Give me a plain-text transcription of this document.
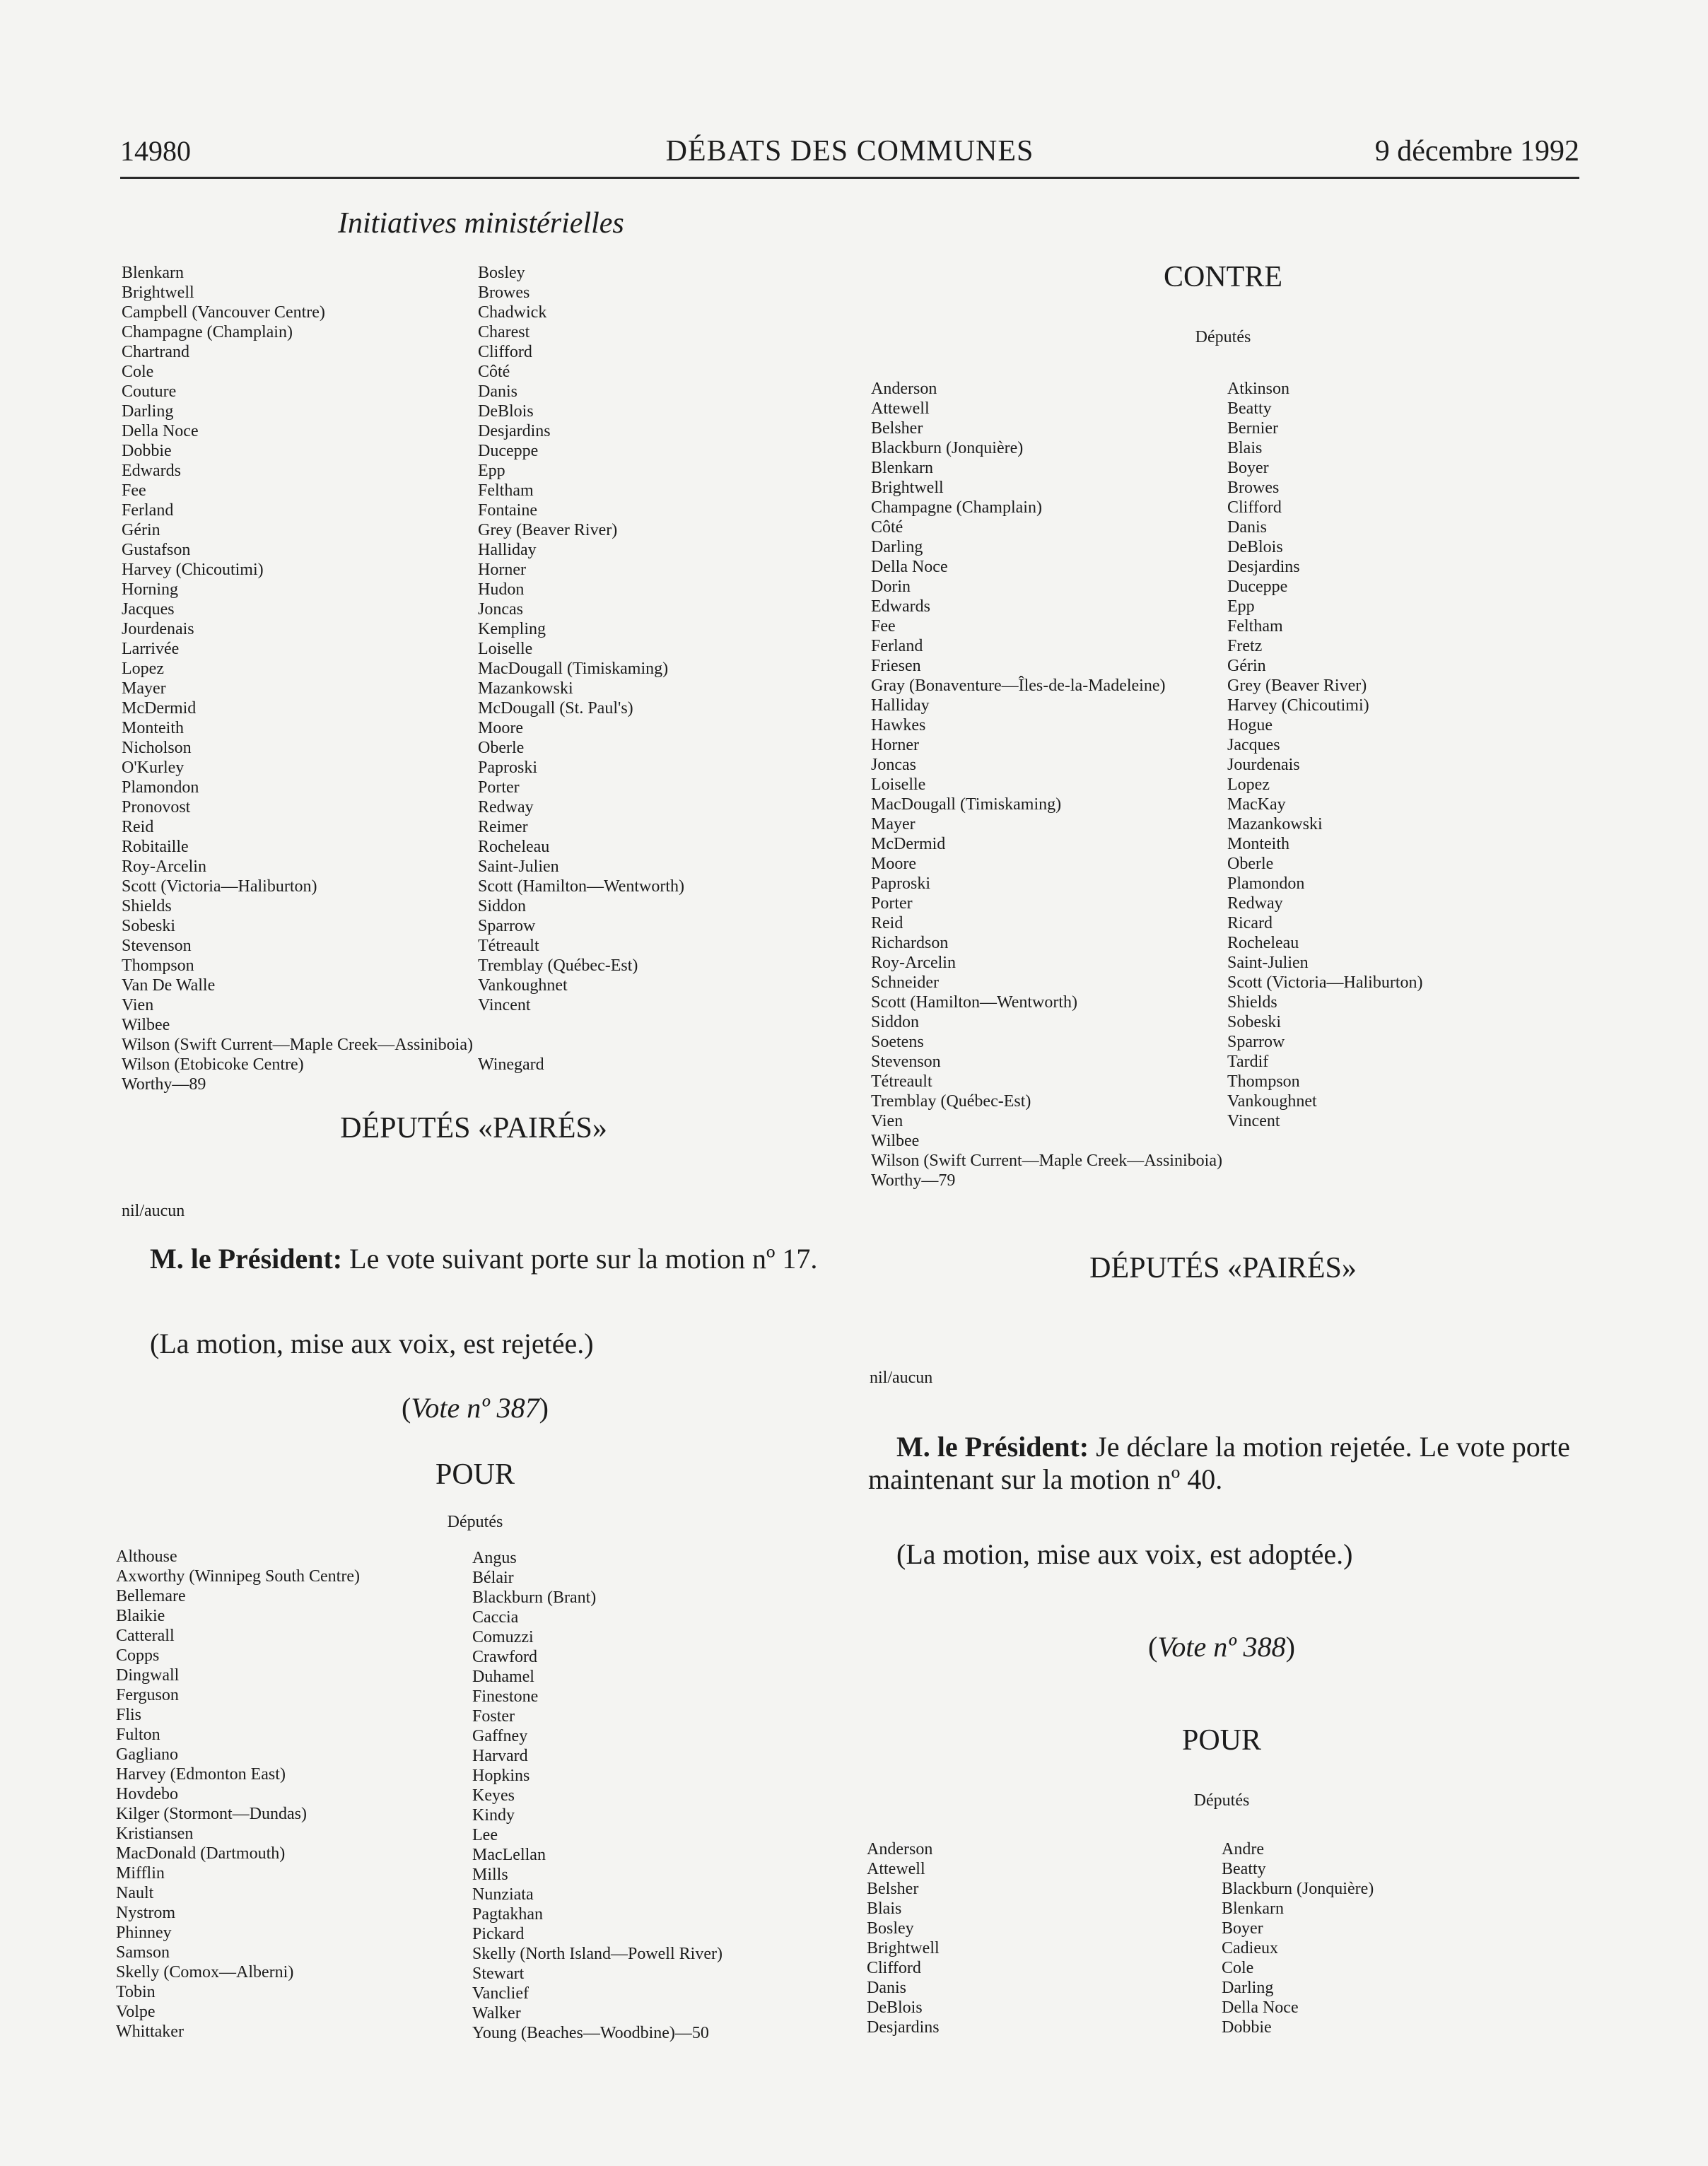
14980	DÉBATS DES COMMUNES	9 décembre 1992
Initiatives ministérielles
Blenkarn
Brightwell
Campbell (Vancouver Centre)
Champagne (Champlain)
Chartrand
Cole
Couture
Darling
Della Noce
Dobbie
Edwards
Fee
Ferland
Gérin
Gustafson
Harvey (Chicoutimi)
Horning
Jacques
Jourdenais
Larrivée
Lopez
Mayer
McDermid
Monteith
Nicholson
O'Kurley
Plamondon
Pronovost
Reid
Robitaille
Roy-Arcelin
Scott (Victoria—Haliburton)
Shields
Sobeski
Stevenson
Thompson
Van De Walle
Vien
Wilbee
Wilson (Swift Current—Maple Creek—Assiniboia)
Wilson (Etobicoke Centre)
Worthy—89
Bosley
Browes
Chadwick
Charest
Clifford
Côté
Danis
DeBlois
Desjardins
Duceppe
Epp
Feltham
Fontaine
Grey (Beaver River)
Halliday
Horner
Hudon
Joncas
Kempling
Loiselle
MacDougall (Timiskaming)
Mazankowski
McDougall (St. Paul's)
Moore
Oberle
Paproski
Porter
Redway
Reimer
Rocheleau
Saint-Julien
Scott (Hamilton—Wentworth)
Siddon
Sparrow
Tétreault
Tremblay (Québec-Est)
Vankoughnet
Vincent

Winegard
DÉPUTÉS «PAIRÉS»
nil/aucun
M. le Président: Le vote suivant porte sur la motion nº 17.
(La motion, mise aux voix, est rejetée.)
(Vote nº 387)
POUR
Députés
Althouse
Axworthy (Winnipeg South Centre)
Bellemare
Blaikie
Catterall
Copps
Dingwall
Ferguson
Flis
Fulton
Gagliano
Harvey (Edmonton East)
Hovdebo
Kilger (Stormont—Dundas)
Kristiansen
MacDonald (Dartmouth)
Mifflin
Nault
Nystrom
Phinney
Samson
Skelly (Comox—Alberni)
Tobin
Volpe
Whittaker
Angus
Bélair
Blackburn (Brant)
Caccia
Comuzzi
Crawford
Duhamel
Finestone
Foster
Gaffney
Harvard
Hopkins
Keyes
Kindy
Lee
MacLellan
Mills
Nunziata
Pagtakhan
Pickard
Skelly (North Island—Powell River)
Stewart
Vanclief
Walker
Young (Beaches—Woodbine)—50
CONTRE
Députés
Anderson
Attewell
Belsher
Blackburn (Jonquière)
Blenkarn
Brightwell
Champagne (Champlain)
Côté
Darling
Della Noce
Dorin
Edwards
Fee
Ferland
Friesen
Gray (Bonaventure—Îles-de-la-Madeleine)
Halliday
Hawkes
Horner
Joncas
Loiselle
MacDougall (Timiskaming)
Mayer
McDermid
Moore
Paproski
Porter
Reid
Richardson
Roy-Arcelin
Schneider
Scott (Hamilton—Wentworth)
Siddon
Soetens
Stevenson
Tétreault
Tremblay (Québec-Est)
Vien
Wilbee
Wilson (Swift Current—Maple Creek—Assiniboia)
Worthy—79
Atkinson
Beatty
Bernier
Blais
Boyer
Browes
Clifford
Danis
DeBlois
Desjardins
Duceppe
Epp
Feltham
Fretz
Gérin
Grey (Beaver River)
Harvey (Chicoutimi)
Hogue
Jacques
Jourdenais
Lopez
MacKay
Mazankowski
Monteith
Oberle
Plamondon
Redway
Ricard
Rocheleau
Saint-Julien
Scott (Victoria—Haliburton)
Shields
Sobeski
Sparrow
Tardif
Thompson
Vankoughnet
Vincent
DÉPUTÉS «PAIRÉS»
nil/aucun
M. le Président: Je déclare la motion rejetée. Le vote porte maintenant sur la motion nº 40.
(La motion, mise aux voix, est adoptée.)
(Vote nº 388)
POUR
Députés
Anderson
Attewell
Belsher
Blais
Bosley
Brightwell
Clifford
Danis
DeBlois
Desjardins
Andre
Beatty
Blackburn (Jonquière)
Blenkarn
Boyer
Cadieux
Cole
Darling
Della Noce
Dobbie
